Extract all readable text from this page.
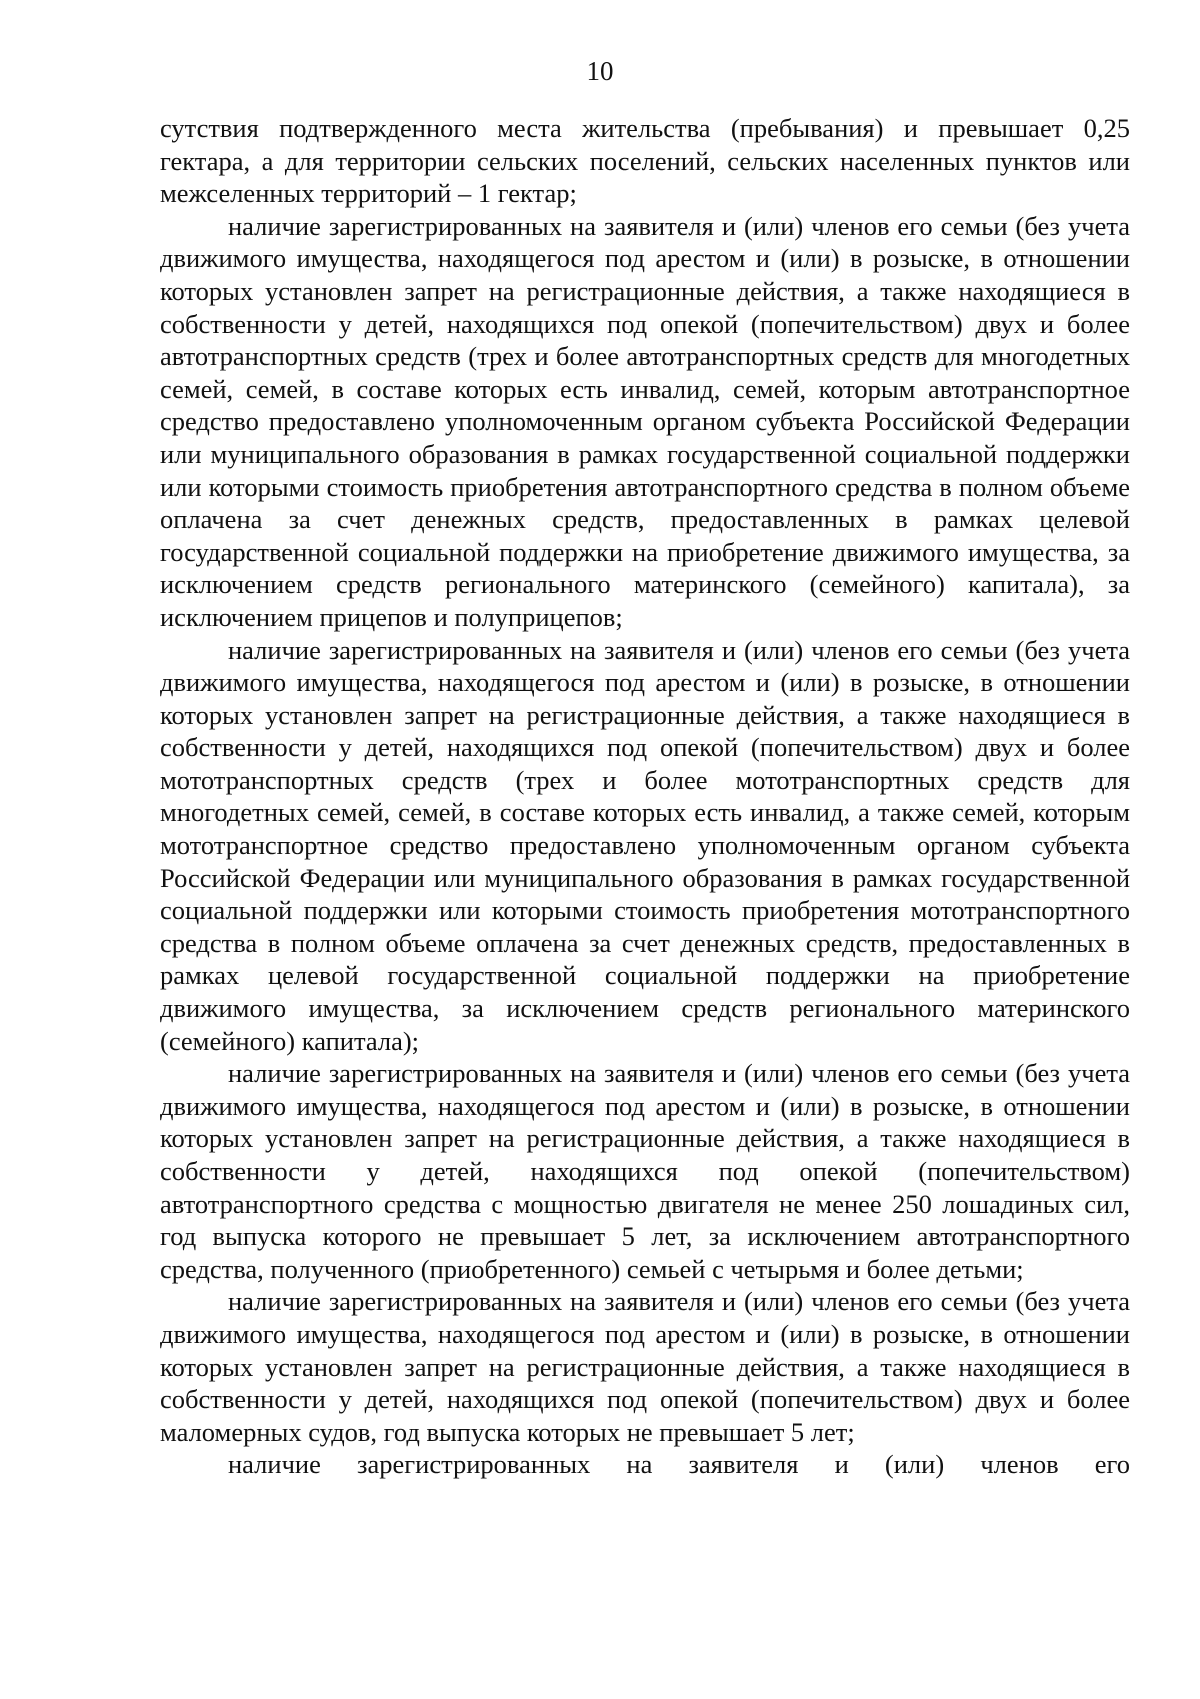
10

сутствия подтвержденного места жительства (пребывания) и превышает 0,25 гектара, а для территории сельских поселений, сельских населенных пунктов или межселенных территорий – 1 гектар;

наличие зарегистрированных на заявителя и (или) членов его семьи (без учета движимого имущества, находящегося под арестом и (или) в розыске, в отношении которых установлен запрет на регистрационные действия, а также находящиеся в собственности у детей, находящихся под опекой (попечительством) двух и более автотранспортных средств (трех и более автотранспортных средств для многодетных семей, семей, в составе которых есть инвалид, семей, которым автотранспортное средство предоставлено уполномоченным органом субъекта Российской Федерации или муниципального образования в рамках государственной социальной поддержки или которыми стоимость приобретения автотранспортного средства в полном объеме оплачена за счет денежных средств, предоставленных в рамках целевой государственной социальной поддержки на приобретение движимого имущества, за исключением средств регионального материнского (семейного) капитала), за исключением прицепов и полуприцепов;

наличие зарегистрированных на заявителя и (или) членов его семьи (без учета движимого имущества, находящегося под арестом и (или) в розыске, в отношении которых установлен запрет на регистрационные действия, а также находящиеся в собственности у детей, находящихся под опекой (попечительством) двух и более мототранспортных средств (трех и более мототранспортных средств для многодетных семей, семей, в составе которых есть инвалид, а также семей, которым мототранспортное средство предоставлено уполномоченным органом субъекта Российской Федерации или муниципального образования в рамках государственной социальной поддержки или которыми стоимость приобретения мототранспортного средства в полном объеме оплачена за счет денежных средств, предоставленных в рамках целевой государственной социальной поддержки на приобретение движимого имущества, за исключением средств регионального материнского (семейного) капитала);

наличие зарегистрированных на заявителя и (или) членов его семьи (без учета движимого имущества, находящегося под арестом и (или) в розыске, в отношении которых установлен запрет на регистрационные действия, а также находящиеся в собственности у детей, находящихся под опекой (попечительством) автотранспортного средства с мощностью двигателя не менее 250 лошадиных сил, год выпуска которого не превышает 5 лет, за исключением автотранспортного средства, полученного (приобретенного) семьей с четырьмя и более детьми;

наличие зарегистрированных на заявителя и (или) членов его семьи (без учета движимого имущества, находящегося под арестом и (или) в розыске, в отношении которых установлен запрет на регистрационные действия, а также находящиеся в собственности у детей, находящихся под опекой (попечительством) двух и более маломерных судов, год выпуска которых не превышает 5 лет;

наличие зарегистрированных на заявителя и (или) членов его
